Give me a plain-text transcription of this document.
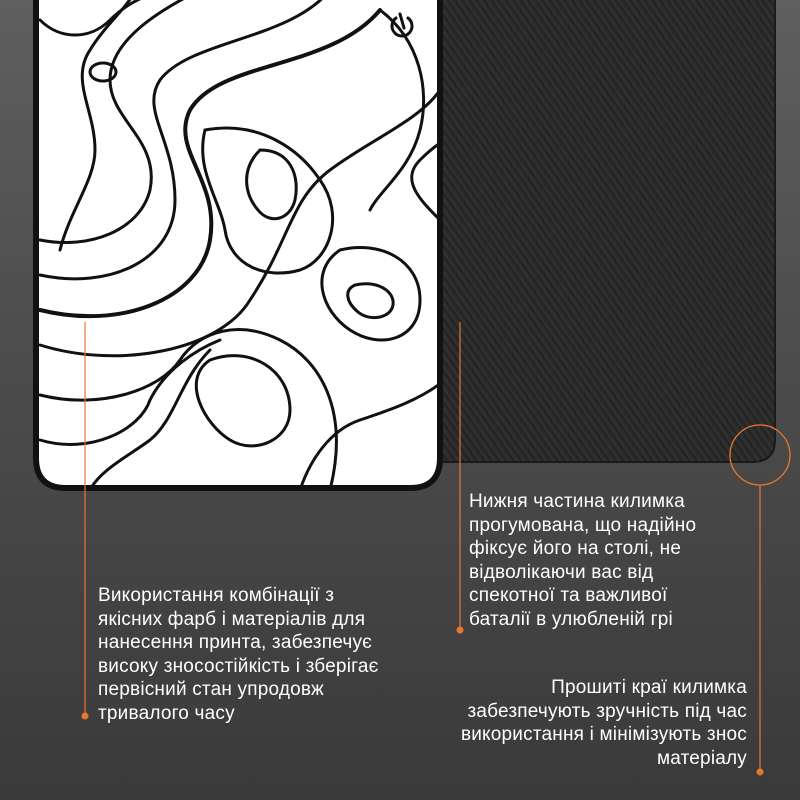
Використання комбінації з
якісних фарб і матеріалів для
нанесення принта, забезпечує
високу зносостійкість і зберігає
первісний стан упродовж
тривалого часу
Нижня частина килимка
прогумована, що надійно
фіксує його на столі, не
відволікаючи вас від
спекотної та важливої
баталії в улюбленій грі
Прошиті краї килимка
забезпечують зручність під час
використання і мінімізують знос
матеріалу
